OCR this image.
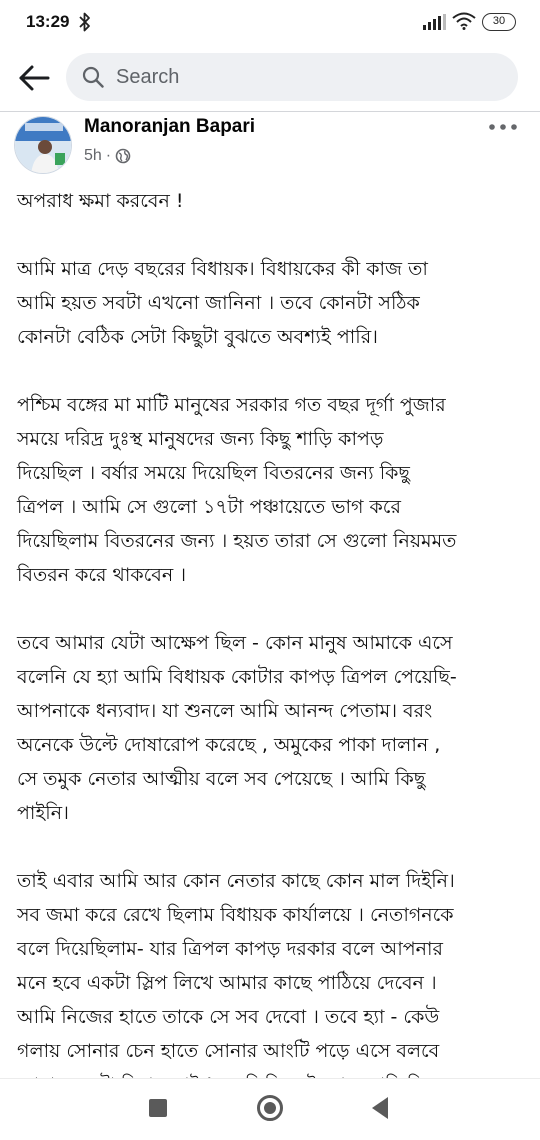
13:29	30
Search
Manoranjan Bapari
5h ·
অপরাধ ক্ষমা করবেন !
আমি মাত্র দেড় বছরের বিধায়ক। বিধায়কের কী কাজ তা
আমি হয়ত সবটা এখনো জানিনা । তবে কোনটা সঠিক
কোনটা বেঠিক সেটা কিছুটা বুঝতে অবশ্যই পারি।
পশ্চিম বঙ্গের মা মাটি মানুষের সরকার গত বছর দূর্গা পুজার
সময়ে দরিদ্র দুঃস্থ মানুষদের জন্য কিছু শাড়ি কাপড়
দিয়েছিল । বর্ষার সময়ে দিয়েছিল বিতরনের জন্য কিছু
ত্রিপল । আমি সে গুলো ১৭টা পঞ্চায়েতে ভাগ করে
দিয়েছিলাম বিতরনের জন্য । হয়ত তারা সে গুলো নিয়মমত
বিতরন করে থাকবেন ।
তবে আমার যেটা আক্ষেপ ছিল - কোন মানুষ আমাকে এসে
বলেনি যে হ্যা আমি বিধায়ক কোটার কাপড় ত্রিপল পেয়েছি-
আপনাকে ধন্যবাদ। যা শুনলে আমি আনন্দ পেতাম। বরং
অনেকে উল্টে দোষারোপ করেছে , অমুকের পাকা দালান ,
সে তমুক নেতার আত্মীয় বলে সব পেয়েছে । আমি কিছু
পাইনি।
তাই এবার আমি আর কোন নেতার কাছে কোন মাল দিইনি।
সব জমা করে রেখে ছিলাম বিধায়ক কার্যালয়ে । নেতাগনকে
বলে দিয়েছিলাম- যার ত্রিপল কাপড় দরকার বলে আপনার
মনে হবে একটা স্লিপ লিখে আমার কাছে পাঠিয়ে দেবেন ।
আমি নিজের হাতে তাকে সে সব দেবো । তবে হ্যা - কেউ
গলায় সোনার চেন হাতে সোনার আংটি পড়ে এসে বলবে
